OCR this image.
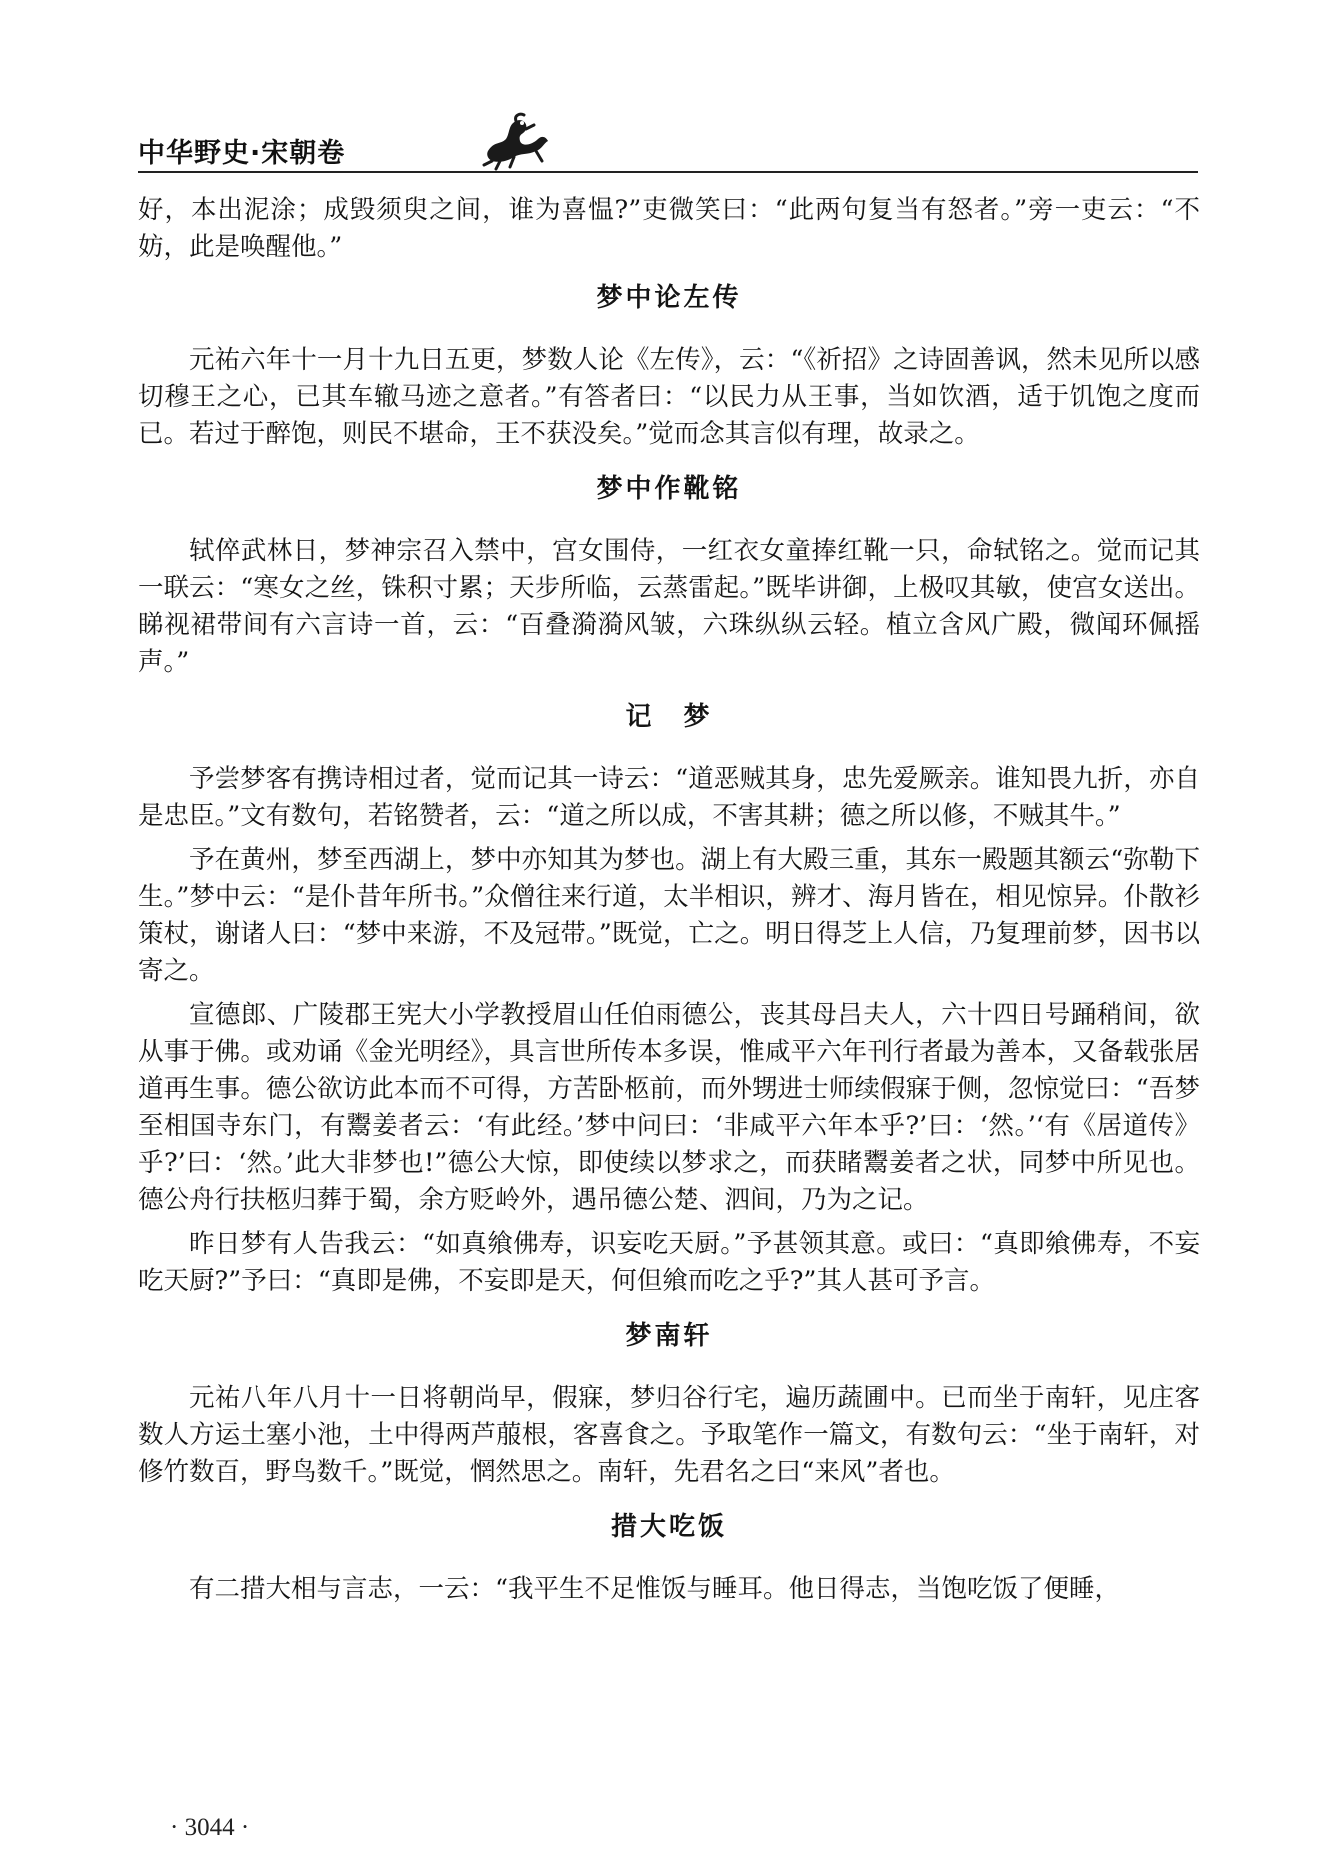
中华野史·宋朝卷

好，本出泥涂；成毁须臾之间，谁为喜愠?”吏微笑曰：“此两句复当有怒者。”旁一吏云：“不妨，此是唤醒他。”

梦中论左传

元祐六年十一月十九日五更，梦数人论《左传》，云：“《祈招》之诗固善讽，然未见所以感切穆王之心，已其车辙马迹之意者。”有答者曰：“以民力从王事，当如饮酒，适于饥饱之度而已。若过于醉饱，则民不堪命，王不获没矣。”觉而念其言似有理，故录之。

梦中作靴铭

轼倅武林日，梦神宗召入禁中，宫女围侍，一红衣女童捧红靴一只，命轼铭之。觉而记其一联云：“寒女之丝，铢积寸累；天步所临，云蒸雷起。”既毕讲御，上极叹其敏，使宫女送出。睇视裙带间有六言诗一首，云：“百叠漪漪风皱，六珠纵纵云轻。植立含风广殿，微闻环佩摇声。”

记　梦

予尝梦客有携诗相过者，觉而记其一诗云：“道恶贼其身，忠先爱厥亲。谁知畏九折，亦自是忠臣。”文有数句，若铭赞者，云：“道之所以成，不害其耕；德之所以修，不贼其牛。”

予在黄州，梦至西湖上，梦中亦知其为梦也。湖上有大殿三重，其东一殿题其额云“弥勒下生。”梦中云：“是仆昔年所书。”众僧往来行道，太半相识，辨才、海月皆在，相见惊异。仆散衫策杖，谢诸人曰：“梦中来游，不及冠带。”既觉，亡之。明日得芝上人信，乃复理前梦，因书以寄之。

宣德郎、广陵郡王宪大小学教授眉山任伯雨德公，丧其母吕夫人，六十四日号踊稍间，欲从事于佛。或劝诵《金光明经》，具言世所传本多误，惟咸平六年刊行者最为善本，又备载张居道再生事。德公欲访此本而不可得，方苦卧柩前，而外甥进士师续假寐于侧，忽惊觉曰：“吾梦至相国寺东门，有鬻姜者云：‘有此经。’梦中问曰：‘非咸平六年本乎?’曰：‘然。’‘有《居道传》乎?’曰：‘然。’此大非梦也!”德公大惊，即使续以梦求之，而获睹鬻姜者之状，同梦中所见也。德公舟行扶柩归葬于蜀，余方贬岭外，遇吊德公楚、泗间，乃为之记。

昨日梦有人告我云：“如真飨佛寿，识妄吃天厨。”予甚领其意。或曰：“真即飨佛寿，不妄吃天厨?”予曰：“真即是佛，不妄即是天，何但飨而吃之乎?”其人甚可予言。

梦南轩

元祐八年八月十一日将朝尚早，假寐，梦归谷行宅，遍历蔬圃中。已而坐于南轩，见庄客数人方运土塞小池，土中得两芦菔根，客喜食之。予取笔作一篇文，有数句云：“坐于南轩，对修竹数百，野鸟数千。”既觉，惘然思之。南轩，先君名之曰“来风”者也。

措大吃饭

有二措大相与言志，一云：“我平生不足惟饭与睡耳。他日得志，当饱吃饭了便睡，

· 3044 ·
